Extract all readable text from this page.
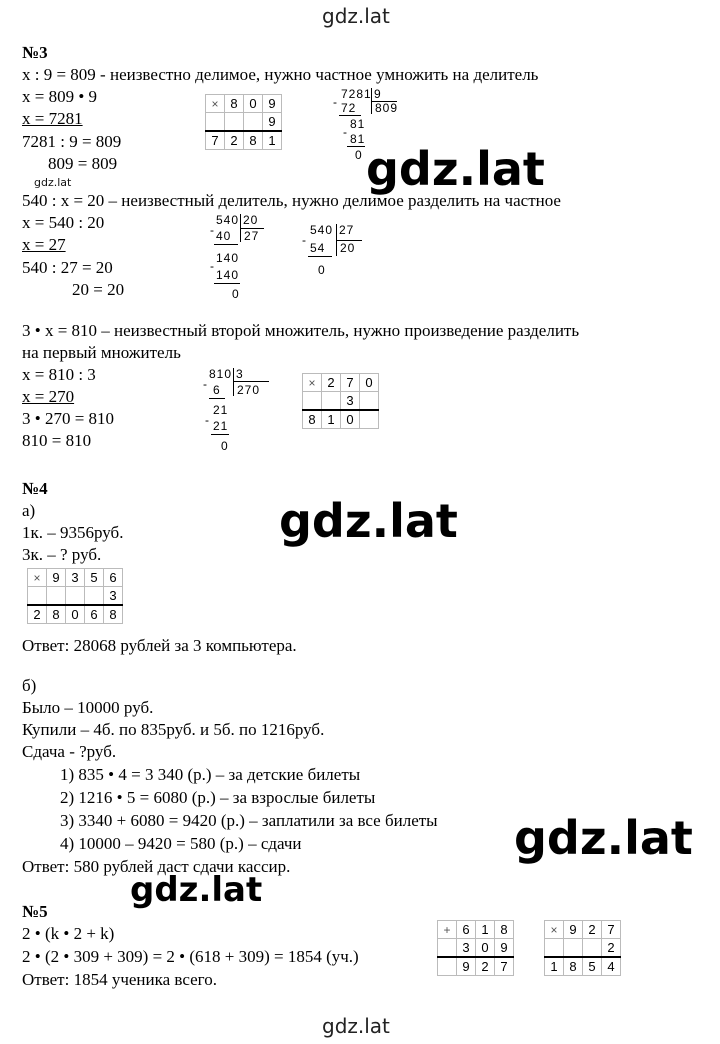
gdz.lat
gdz.lat
gdz.lat
gdz.lat
gdz.lat
gdz.lat
gdz.lat
№3
x : 9 = 809 - неизвестно делимое, нужно частное умножить на делитель
x = 809 • 9
x = 7281
7281 : 9 = 809
809 = 809
×	8	0	9
			9
7	2	8	1
7281 9
809
- 72
81
- 81
0
540 : x = 20 – неизвестный делитель, нужно делимое разделить на частное
x = 540 : 20
x = 27
540 : 27 = 20
20 = 20
540 20
27
- 40
140
-
140
0
540 27
20
-
54
0
3 • x = 810 – неизвестный второй множитель, нужно произведение разделить
на первый множитель
x = 810 : 3
x = 270
3 • 270 = 810
810 = 810
810 3
270
- 6
21
- 21
0
×	2	7	0
		3	
8	1	0	
№4
а)
1к. – 9356руб.
3к. – ? руб.
×	9	3	5	6
				3
2	8	0	6	8
Ответ: 28068 рублей за 3 компьютера.
б)
Было – 10000 руб.
Купили – 4б. по 835руб. и 5б. по 1216руб.
Сдача - ?руб.
1) 835 • 4 = 3 340 (р.) – за детские билеты
2) 1216 • 5 = 6080 (р.) – за взрослые билеты
3) 3340 + 6080 = 9420 (р.) – заплатили за все билеты
4) 10000 – 9420 = 580 (р.) – сдачи
Ответ: 580 рублей даст сдачи кассир.
№5
2 • (k • 2 + k)
2 • (2 • 309 + 309) = 2 • (618 + 309) = 1854 (уч.)
Ответ: 1854 ученика всего.
+	6	1	8
	3	0	9
	9	2	7
×	9	2	7
			2
1	8	5	4
